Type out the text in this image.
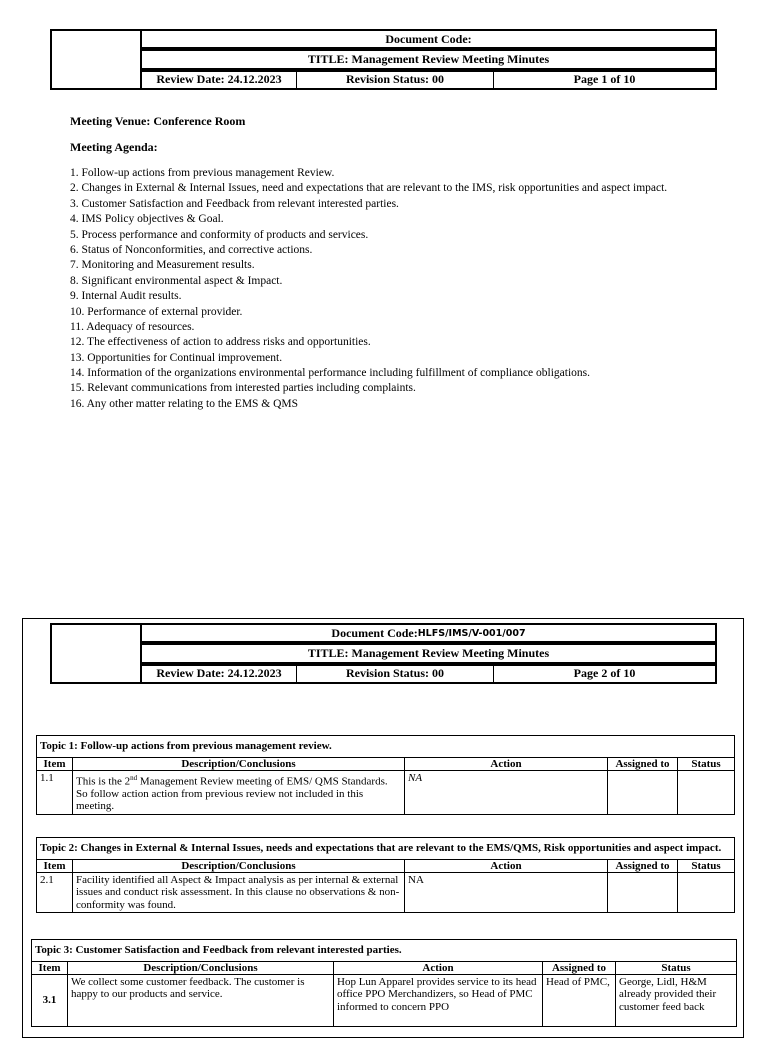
Document Code:
TITLE: Management Review Meeting Minutes
Review Date: 24.12.2023	Revision Status: 00	Page 1 of 10
Meeting Venue: Conference Room
Meeting Agenda:
1. Follow-up actions from previous management Review.
2. Changes in External & Internal Issues, need and expectations that are relevant to the IMS, risk opportunities and aspect impact.
3. Customer Satisfaction and Feedback from relevant interested parties.
4. IMS Policy objectives & Goal.
5. Process performance and conformity of products and services.
6. Status of Nonconformities, and corrective actions.
7. Monitoring and Measurement results.
8. Significant environmental aspect & Impact.
9. Internal Audit results.
10. Performance of external provider.
11. Adequacy of resources.
12. The effectiveness of action to address risks and opportunities.
13. Opportunities for Continual improvement.
14. Information of the organizations environmental performance including fulfillment of compliance obligations.
15. Relevant communications from interested parties including complaints.
16. Any other matter relating to the EMS & QMS
Document Code: HLFS/IMS/V-001/007
TITLE: Management Review Meeting Minutes
Review Date: 24.12.2023	Revision Status: 00	Page 2 of 10
Topic 1: Follow-up actions from previous management review.				
Item	Description/Conclusions	Action	Assigned to	Status
1.1	This is the 2nd Management Review meeting of EMS/ QMS Standards. So follow action action from previous review not included in this meeting.	NA		
Topic 2: Changes in External & Internal Issues, needs and expectations that are relevant to the EMS/QMS, Risk opportunities and aspect impact.				
Item	Description/Conclusions	Action	Assigned to	Status
2.1	Facility identified all Aspect & Impact analysis as per internal & external issues and conduct risk assessment. In this clause no observations & non-conformity was found.	NA		
Topic 3: Customer Satisfaction and Feedback from relevant interested parties.				
Item	Description/Conclusions	Action	Assigned to	Status
3.1	We collect some customer feedback. The customer is happy to our products and service.	Hop Lun Apparel provides service to its head office PPO Merchandizers, so Head of PMC informed to concern PPO	Head of PMC,	George, Lidl, H&M already provided their customer feed back
